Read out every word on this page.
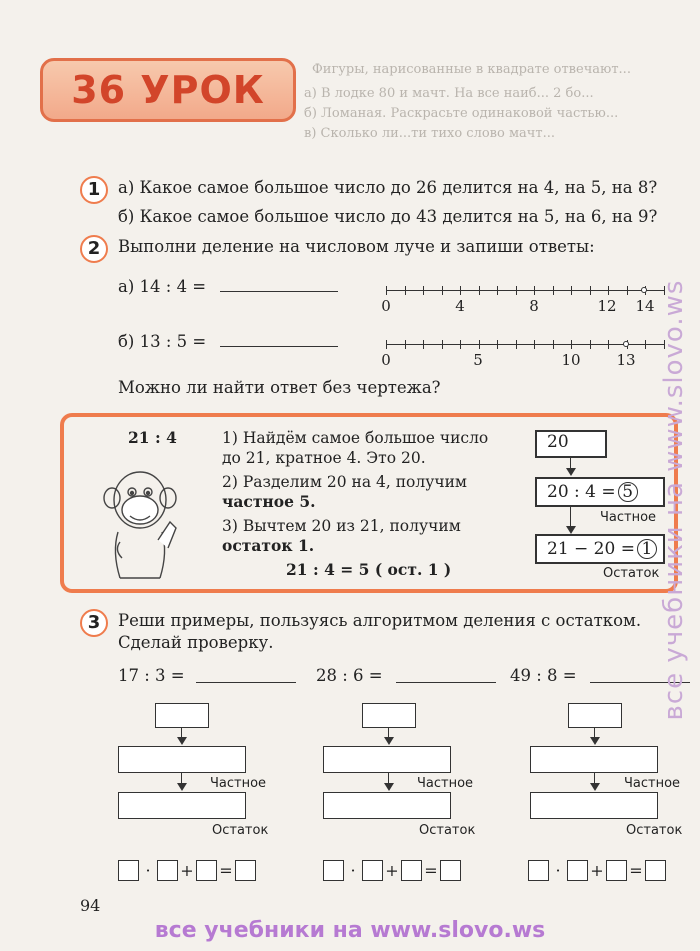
36 УРОК	Фигуры, нарисованные в квадрате отвечают...
а) В лодке 80 и мачт. На все наиб... 2 бо...
б) Ломаная. Раскрасьте одинаковой частью...
в) Сколько ли...ти тихо слово мачт...
1	а) Какое самое большое число до 26 делится на 4, на 5, на 8?
б) Какое самое большое число до 43 делится на 5, на 6, на 9?
2	Выполни деление на числовом луче и запиши ответы:
а) 14 : 4 =
0	4	8	12	14
б) 13 : 5 =
0	5	10	13
Можно ли найти ответ без чертежа?
21 : 4	1) Найдём самое большое число до 21, кратное 4. Это 20.
2) Разделим 20 на 4, получим
частное 5.
3) Вычтем 20 из 21, получим
остаток 1.
21 : 4 = 5 ( ост. 1 )
20
20 : 4 = 5
Частное
21 − 20 = 1
Остаток
3	Реши примеры, пользуясь алгоритмом деления с остатком.
Сделай проверку.
17 : 3 =	28 : 6 =	49 : 8 =
Частное
Остаток
Частное
Остаток
Частное
Остаток
· + =	· + =	· + =
94
все учебники на www.slovo.ws
все учебники на www.slovo.ws
